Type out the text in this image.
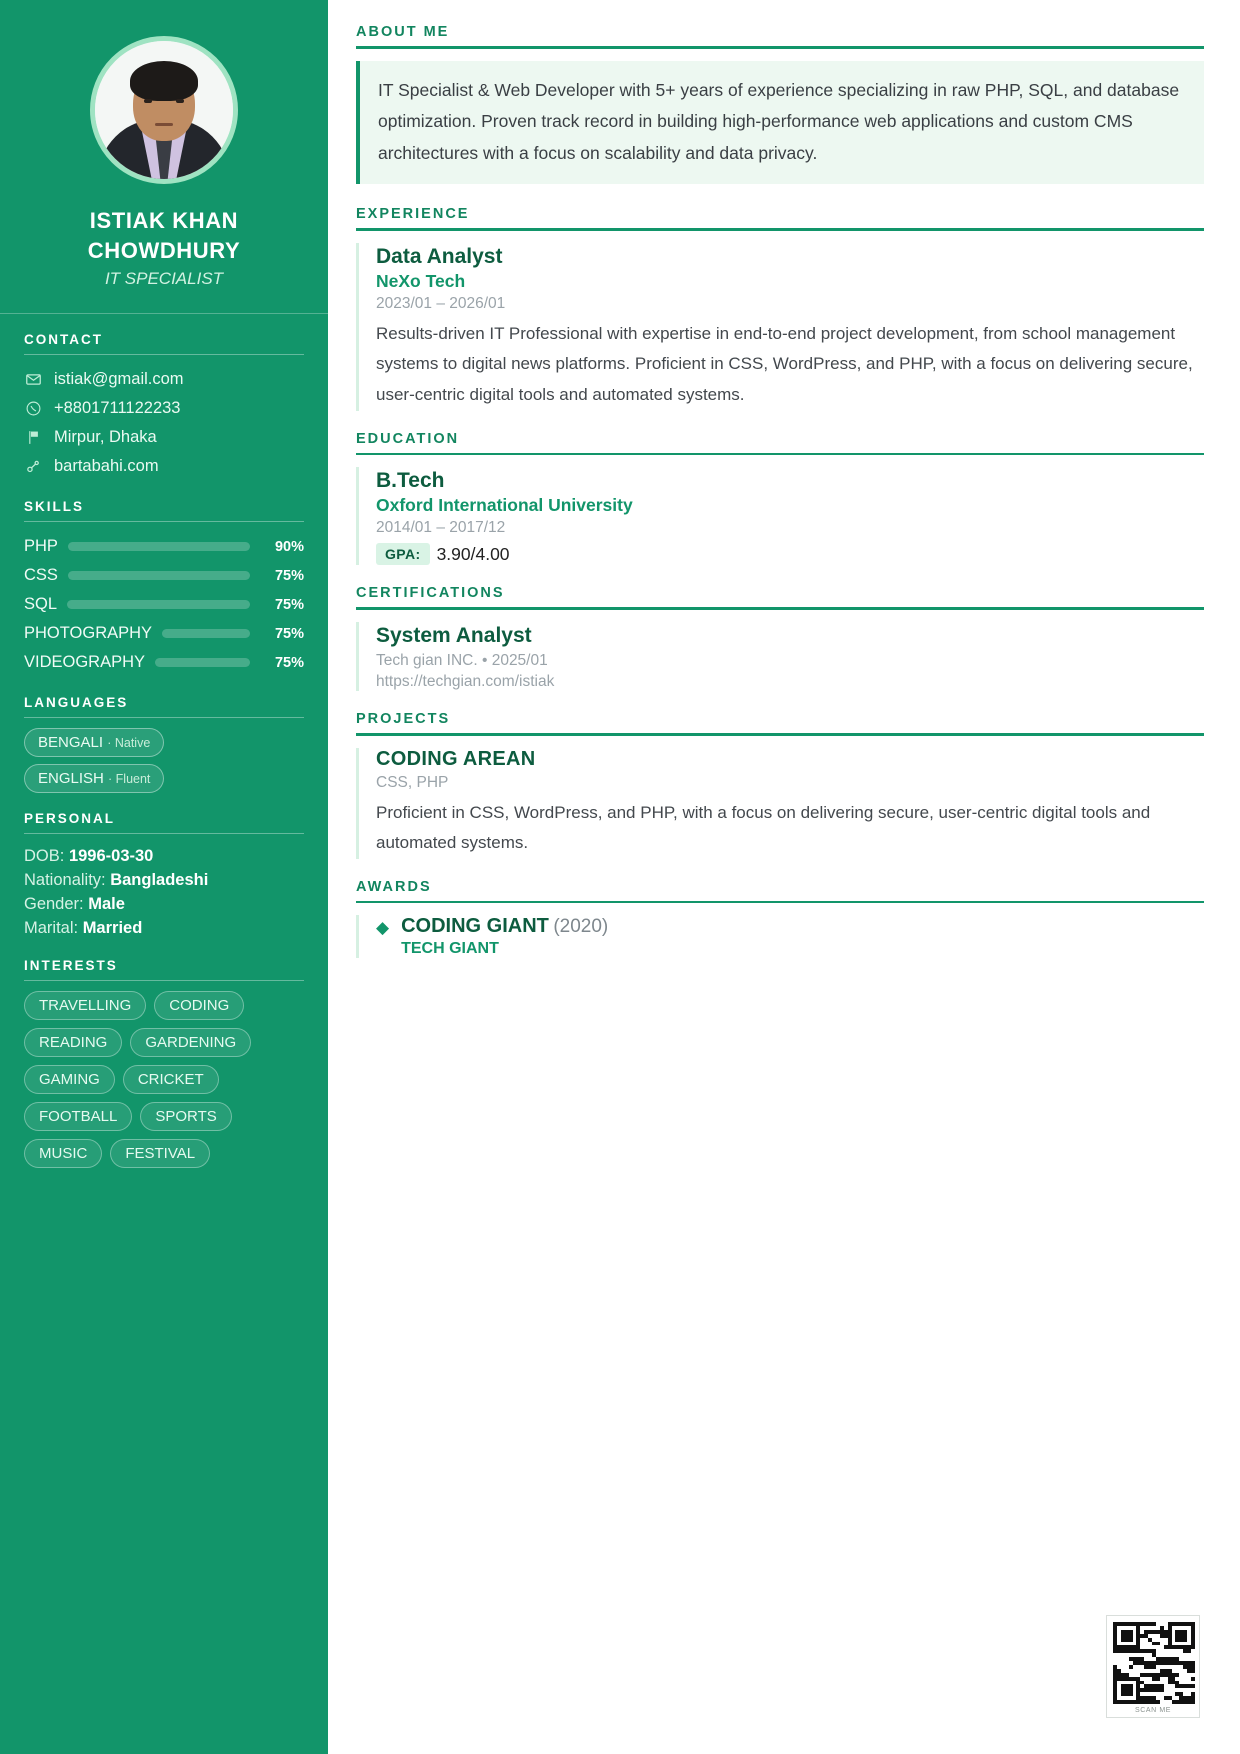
ISTIAK KHAN CHOWDHURY
IT SPECIALIST
CONTACT
istiak@gmail.com
+8801711122233
Mirpur, Dhaka
bartabahi.com
SKILLS
PHP	90%
CSS	75%
SQL	75%
PHOTOGRAPHY	75%
VIDEOGRAPHY	75%
LANGUAGES
BENGALI · Native
ENGLISH · Fluent
PERSONAL
DOB: 1996-03-30
Nationality: Bangladeshi
Gender: Male
Marital: Married
INTERESTS
TRAVELLING	CODING
READING	GARDENING
GAMING	CRICKET
FOOTBALL	SPORTS
MUSIC	FESTIVAL
ABOUT ME
IT Specialist & Web Developer with 5+ years of experience specializing in raw PHP, SQL, and database optimization. Proven track record in building high-performance web applications and custom CMS architectures with a focus on scalability and data privacy.
EXPERIENCE
Data Analyst
NeXo Tech
2023/01 – 2026/01
Results-driven IT Professional with expertise in end-to-end project development, from school management systems to digital news platforms. Proficient in CSS, WordPress, and PHP, with a focus on delivering secure, user-centric digital tools and automated systems.
EDUCATION
B.Tech
Oxford International University
2014/01 – 2017/12
GPA: 3.90/4.00
CERTIFICATIONS
System Analyst
Tech gian INC. • 2025/01
https://techgian.com/istiak
PROJECTS
CODING AREAN
CSS, PHP
Proficient in CSS, WordPress, and PHP, with a focus on delivering secure, user-centric digital tools and automated systems.
AWARDS
◆ CODING GIANT (2020)
TECH GIANT
SCAN ME
